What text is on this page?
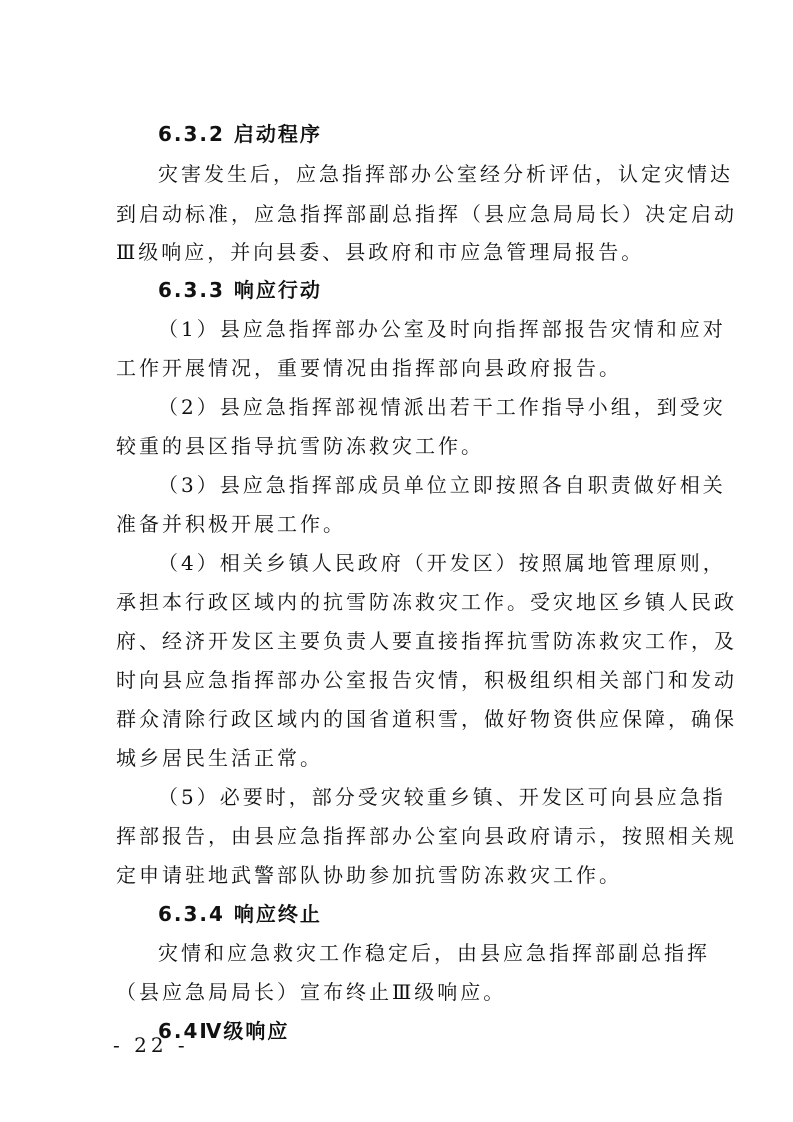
6.3.2 启动程序
灾害发生后，应急指挥部办公室经分析评估，认定灾情达
到启动标准，应急指挥部副总指挥（县应急局局长）决定启动
Ⅲ级响应，并向县委、县政府和市应急管理局报告。
6.3.3 响应行动
（1）县应急指挥部办公室及时向指挥部报告灾情和应对
工作开展情况，重要情况由指挥部向县政府报告。
（2）县应急指挥部视情派出若干工作指导小组，到受灾
较重的县区指导抗雪防冻救灾工作。
（3）县应急指挥部成员单位立即按照各自职责做好相关
准备并积极开展工作。
（4）相关乡镇人民政府（开发区）按照属地管理原则，
承担本行政区域内的抗雪防冻救灾工作。受灾地区乡镇人民政
府、经济开发区主要负责人要直接指挥抗雪防冻救灾工作，及
时向县应急指挥部办公室报告灾情，积极组织相关部门和发动
群众清除行政区域内的国省道积雪，做好物资供应保障，确保
城乡居民生活正常。
（5）必要时，部分受灾较重乡镇、开发区可向县应急指
挥部报告，由县应急指挥部办公室向县政府请示，按照相关规
定申请驻地武警部队协助参加抗雪防冻救灾工作。
6.3.4 响应终止
灾情和应急救灾工作稳定后，由县应急指挥部副总指挥
（县应急局局长）宣布终止Ⅲ级响应。
6.4Ⅳ级响应
- 22 -
